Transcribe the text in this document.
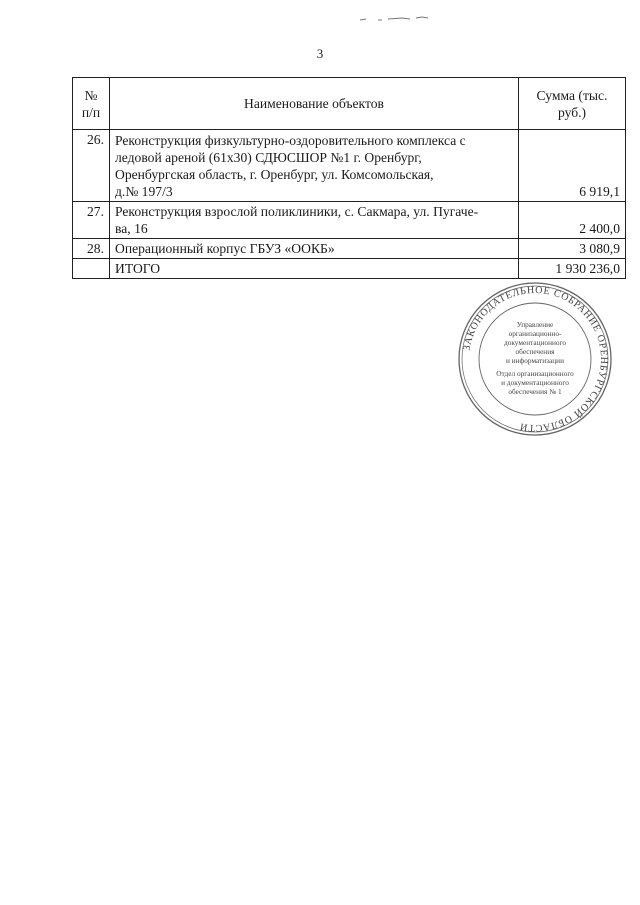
3
№ п/п	Наименование объектов	Сумма (тыс. руб.)
26.	Реконструкция физкультурно-оздоровительного комплекса с
ледовой ареной (61х30) СДЮСШОР №1 г. Оренбург,
Оренбургская область, г. Оренбург, ул. Комсомольская,
д.№ 197/3	6 919,1
27.	Реконструкция взрослой поликлиники, с. Сакмара, ул. Пугаче-
ва, 16	2 400,0
28.	Операционный корпус ГБУЗ «ООКБ»	3 080,9
	ИТОГО	1 930 236,0
ЗАКОНОДАТЕЛЬНОЕ СОБРАНИЕ ОРЕНБУРГСКОЙ ОБЛАСТИ
Управление
организационно-
документационного
обеспечения
и информатизации
Отдел организационного
и документационного
обеспечения № 1
